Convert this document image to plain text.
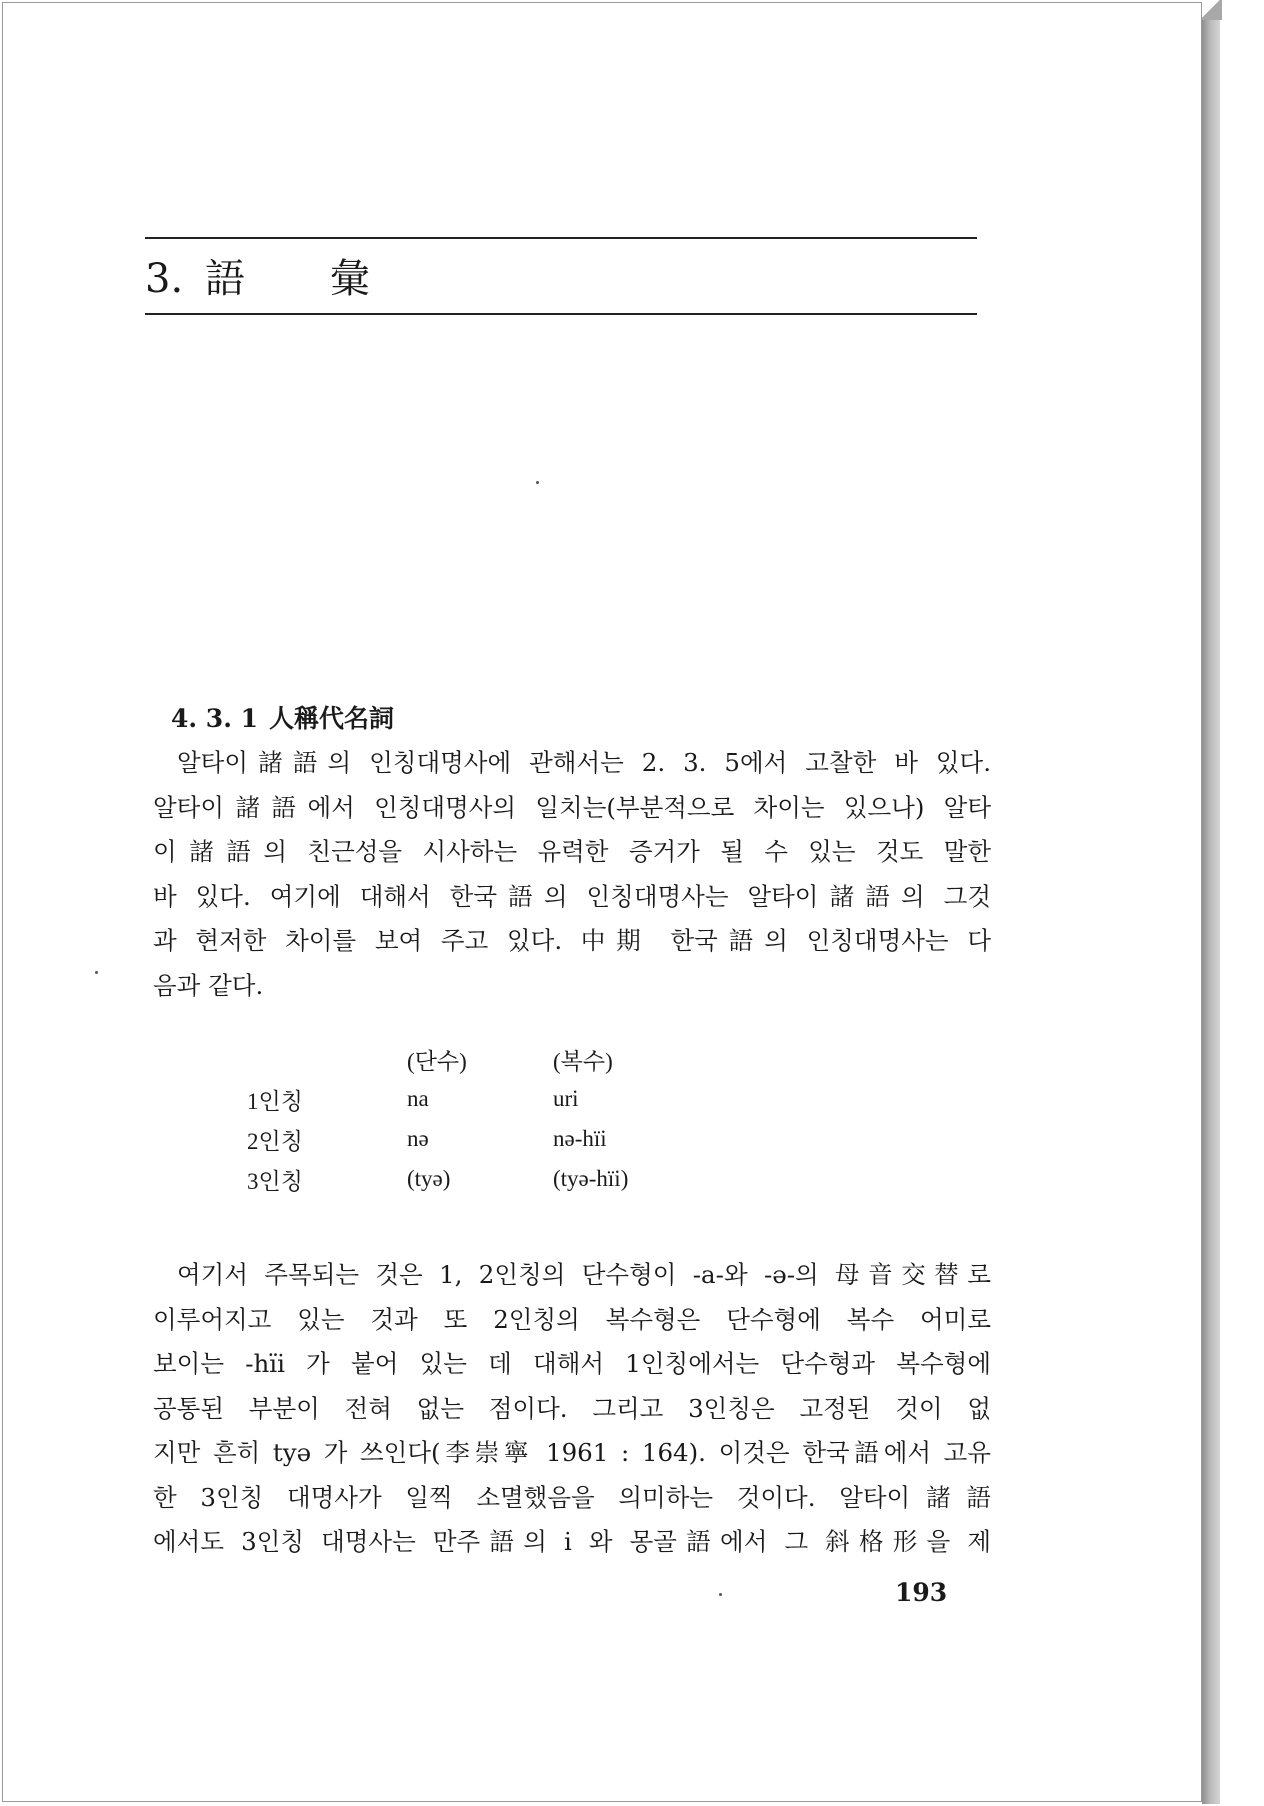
3. 語 彙
4. 3. 1 人稱代名詞
알타이諸語의 인칭대명사에 관해서는 2. 3. 5에서 고찰한 바 있다.
알타이諸語에서 인칭대명사의 일치는(부분적으로 차이는 있으나) 알타
이諸語의 친근성을 시사하는 유력한 증거가 될 수 있는 것도 말한
바 있다. 여기에 대해서 한국語의 인칭대명사는 알타이諸語의 그것
과 현저한 차이를 보여 주고 있다. 中期 한국語의 인칭대명사는 다
음과 같다.
	(단수)	(복수)
1인칭	na	uri
2인칭	nə	nə-hïi
3인칭	(tyə)	(tyə-hïi)
여기서 주목되는 것은 1, 2인칭의 단수형이 -a-와 -ə-의 母音交替로
이루어지고 있는 것과 또 2인칭의 복수형은 단수형에 복수 어미로
보이는 -hïi 가 붙어 있는 데 대해서 1인칭에서는 단수형과 복수형에
공통된 부분이 전혀 없는 점이다. 그리고 3인칭은 고정된 것이 없
지만 흔히 tyə 가 쓰인다(李崇寧 1961 : 164). 이것은 한국語에서 고유
한 3인칭 대명사가 일찍 소멸했음을 의미하는 것이다. 알타이諸語
에서도 3인칭 대명사는 만주語의 i 와 몽골語에서 그 斜格形을 제
193
